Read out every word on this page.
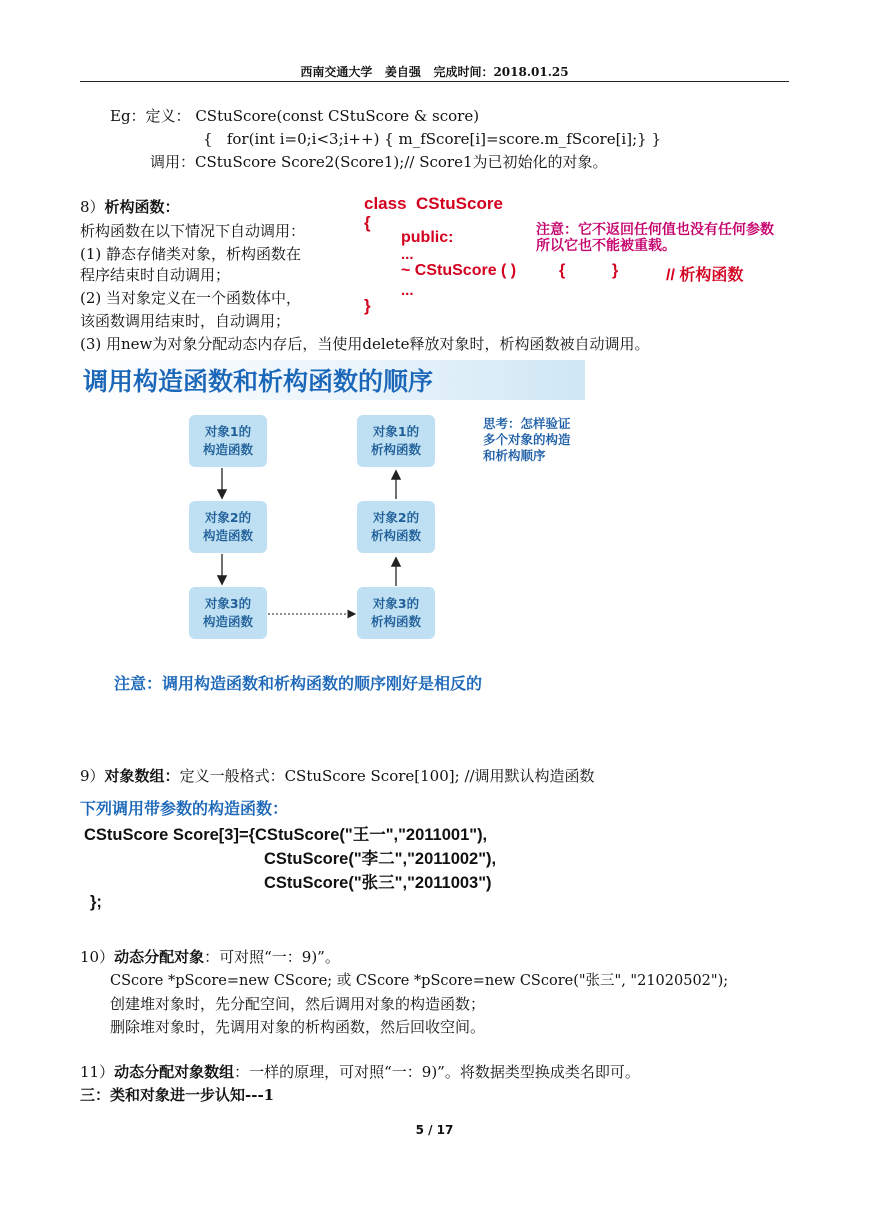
西南交通大学   姜自强   完成时间：2018.01.25
Eg：定义： CStuScore(const CStuScore & score)
{   for(int i=0;i<3;i++) { m_fScore[i]=score.m_fScore[i];} }
调用：CStuScore Score2(Score1);// Score1为已初始化的对象。
8）析构函数：
析构函数在以下情况下自动调用：
(1) 静态存储类对象，析构函数在
程序结束时自动调用；
(2) 当对象定义在一个函数体中，
该函数调用结束时，自动调用；
(3) 用new为对象分配动态内存后，当使用delete释放对象时，析构函数被自动调用。
class  CStuScore
{
public:
...
~ CStuScore ( )	{	}	// 析构函数
...
}
注意：它不返回任何值也没有任何参数
所以它也不能被重载。
调用构造函数和析构函数的顺序
对象1的
构造函数
对象2的
构造函数
对象3的
构造函数
对象1的
析构函数
对象2的
析构函数
对象3的
析构函数
思考：怎样验证
多个对象的构造
和析构顺序
注意：调用构造函数和析构函数的顺序刚好是相反的
9）对象数组：定义一般格式：CStuScore Score[100]; //调用默认构造函数
下列调用带参数的构造函数：
CStuScore Score[3]={CStuScore("王一","2011001"),
CStuScore("李二","2011002"),
CStuScore("张三","2011003")
};
10）动态分配对象：可对照“一：9)”。
CScore *pScore=new CScore; 或 CScore *pScore=new CScore("张三", "21020502");
创建堆对象时，先分配空间，然后调用对象的构造函数；
删除堆对象时，先调用对象的析构函数，然后回收空间。
11）动态分配对象数组：一样的原理，可对照“一：9)”。将数据类型换成类名即可。
三：类和对象进一步认知---1
5 / 17
